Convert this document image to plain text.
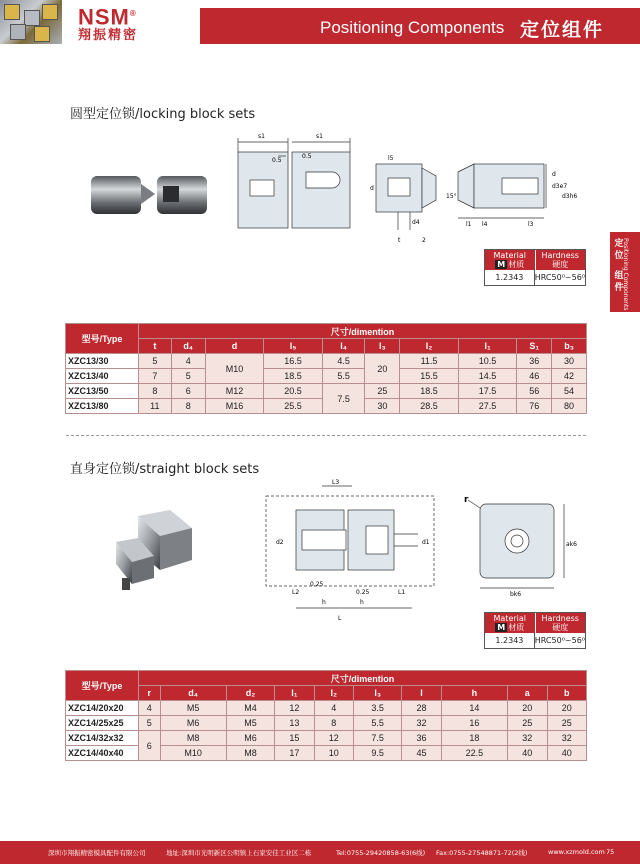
NSM®
翔振精密	Positioning Components 定位组件
定
位
组
件
Positioning Components
圆型定位锁/locking block sets
s1	s1
0.5
0.5	l5
d
d4
t	2
15°
l1 l4	l3
d
d3e7
d3h6
Material
M 材质
Hardness
硬度
1.2343	HRC50⁰~56⁰
型号/Type	尺寸/dimention									
	t	d₄	d	l₅	l₄	l₃	l₂	l₁	S₁	b₃
XZC13/30	5	4	M10	16.5	4.5	20	11.5	10.5	36	30
XZC13/40	7	5		18.5	5.5		15.5	14.5	46	42
XZC13/50	8	6	M12	20.5	7.5	25	18.5	17.5	56	54
XZC13/80	11	8	M16	25.5		30	28.5	27.5	76	80
直身定位锁/straight block sets
L3
d2	d1
L2
0.25
h
0.25
h
L1
L
r
ak6
bk6
Material
M 材质
Hardness
硬度
1.2343	HRC50⁰~56⁰
型号/Type	尺寸/dimention									
	r	d₄	d₂	l₁	l₂	l₃	l	h	a	b
XZC14/20x20	4	M5	M4	12	4	3.5	28	14	20	20
XZC14/25x25	5	M6	M5	13	8	5.5	32	16	25	25
XZC14/32x32	6	M8	M6	15	12	7.5	36	18	32	32
XZC14/40x40		M10	M8	17	10	9.5	45	22.5	40	40
深圳市翔振精密模具配件有限公司	地址:深圳市光明新区公明镇上石家安佳工业区二栋	Tel:0755-29420858-63(6线) Fax:0755-27548871-72(2线)	www.xzmold.com 75
